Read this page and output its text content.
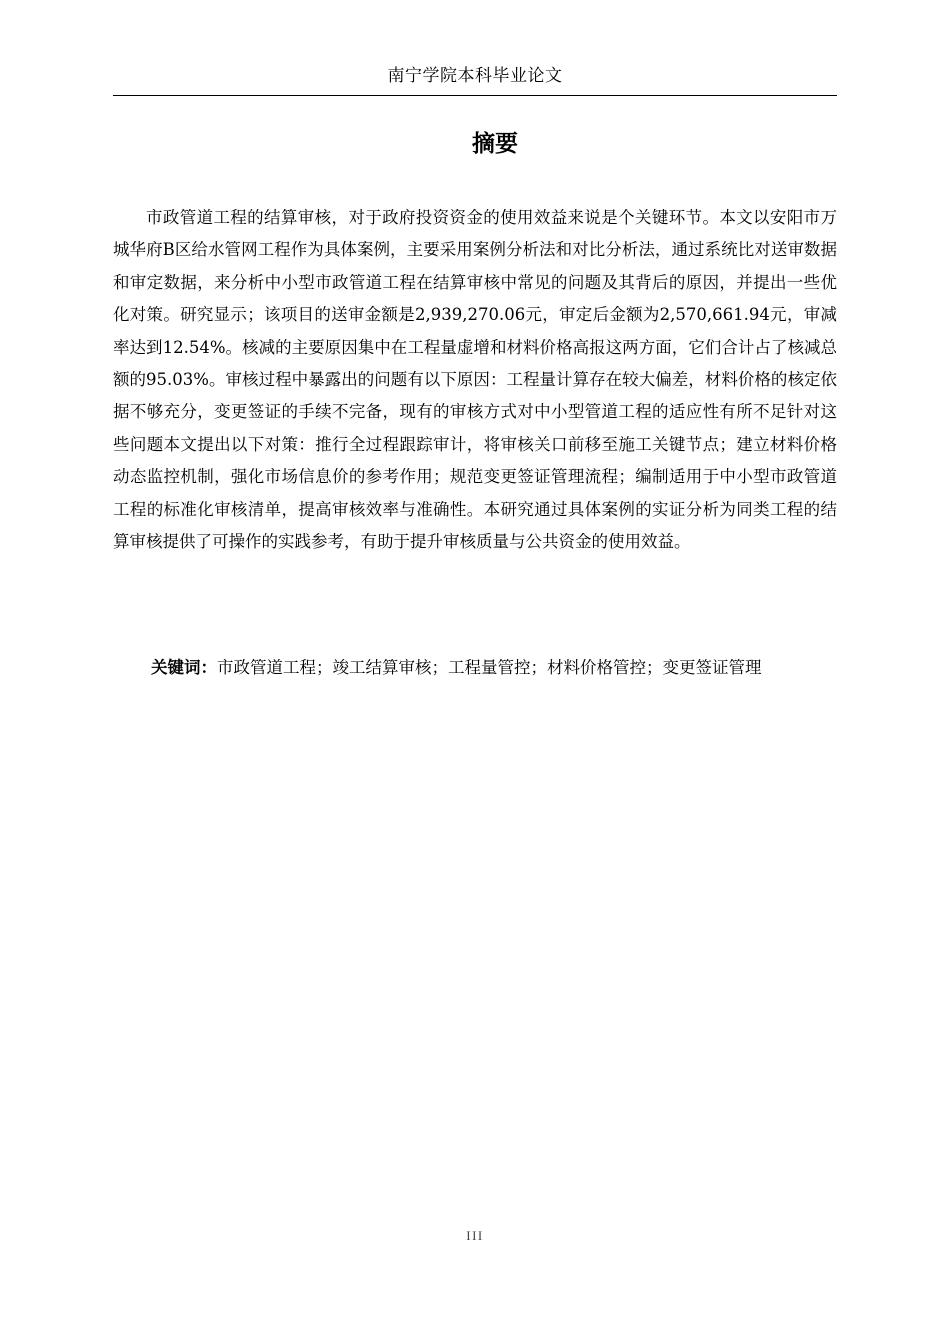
南宁学院本科毕业论文
摘要

市政管道工程的结算审核，对于政府投资资金的使用效益来说是个关键环节。本文以安阳市万城华府B区给水管网工程作为具体案例，主要采用案例分析法和对比分析法，通过系统比对送审数据和审定数据，来分析中小型市政管道工程在结算审核中常见的问题及其背后的原因，并提出一些优化对策。研究显示；该项目的送审金额是2,939,270.06元，审定后金额为2,570,661.94元，审减率达到12.54%。核减的主要原因集中在工程量虚增和材料价格高报这两方面，它们合计占了核减总额的95.03%。审核过程中暴露出的问题有以下原因：工程量计算存在较大偏差，材料价格的核定依据不够充分，变更签证的手续不完备，现有的审核方式对中小型管道工程的适应性有所不足针对这些问题本文提出以下对策：推行全过程跟踪审计，将审核关口前移至施工关键节点；建立材料价格动态监控机制，强化市场信息价的参考作用；规范变更签证管理流程；编制适用于中小型市政管道工程的标准化审核清单，提高审核效率与准确性。本研究通过具体案例的实证分析为同类工程的结算审核提供了可操作的实践参考，有助于提升审核质量与公共资金的使用效益。

关键词：市政管道工程；竣工结算审核；工程量管控；材料价格管控；变更签证管理

III
